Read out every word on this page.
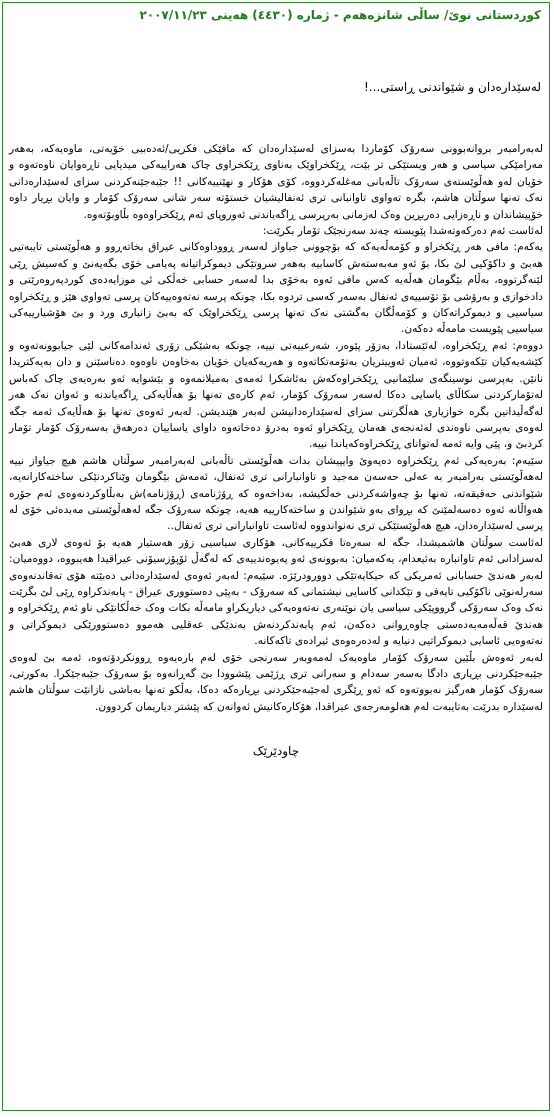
کوردستانی نوێ/ ساڵی شانزەهەم - ژمارە (٤٤٣٠) هەینی ٢٠٠٧/١١/٢٣
لەسێدارەدان و شێواندنی ڕاستی...!

لەبەرامبەر بروانەبوونی سەرۆک کۆماردا بەسزای لەسێدارەدان کە مافێکی فکریی/ئەدەبیی خۆیەتی، ماوەیەکە، بەهەر مەرامێکی سیاسی و هەر ویستێکی تر بێت، ڕێکخراوێک بەناوی ڕێکخراوی چاک هەراییەکی میدیایی ناڕەوایان ناوەتەوە و خۆیان لەو هەڵوێستەی سەرۆک تاڵەبانی مەغلەکردووە، کۆی هۆکار و نهێنییەکانی !! جێبەجێنەکردنی سزای لەسێدارەدانی نەک تەنها سوڵتان هاشم، بگرە تەواوی تاوانبانی تری ئەنفالیشیان خستۆتە سەر شانی سەرۆک کۆمار و وایان بڕیار داوە خۆپیشاندان و ناڕەزایی دەربڕین وەک لەزمانی بەرپرسی ڕاگەیاندنی ئەوروپای ئەم ڕێکخراوەوە بڵاوبۆتەوە.

لەئاست ئەم دەرکەوتەشدا پێویستە چەند سەرنجێک تۆمار بکرێت:

یەکەم: مافی هەر ڕێکخراو و کۆمەڵەیەکە کە بۆچوونی جیاواز لەسەر ڕووداوەکانی عیراق بخاتەڕوو و هەڵوێستی تایبەتیی هەبێ و داکۆکیی لێ بکا، بۆ ئەو مەبەستەش کاسابیە بەهەر سروتێکی دیموکراتیانە پەیامی خۆی بگەیەنێ و کەسیش ڕێی لێنەگرتووە، بەڵام بێگومان هەڵەیە کەس مافی ئەوە بەخۆی بدا لەسەر حسابی خەڵکی ئی موزایەدەی کوردپەروەرێتی و دادخوازی و بەرۆشی بۆ تۆسییەی ئەنفال بەسەر کەسی تردوە بکا، چونکە پرسە نەتەوەییەکان پرسی تەواوی هێز و ڕێکخراوە سیاسیی و دیموکراتەکان و کۆمەڵگان بەگشتی نەک تەنها پرسی ڕێکخراوێک کە بەبێ زانیاری ورد و بێ هۆشیارییەکی سیاسیی پێویست مامەڵە دەکەن.

دووەم: ئەم ڕێکخراوە، لەئێستادا، بەزۆر پێوەر، شەرعییەتی نییە، چونکە بەشێکی زۆری ئەندامەکانی لێی جیابوونەتەوە و کێشەیەکیان تێکەوتووە، ئەمیان ئەوییتریان بەتۆمەتکاتەوە و هەریەکەیان خۆیان بەخاوەن ناوەوە دەناسێنن و دان بەیەکتریدا نانێن. بەپرسی نوسینگەی سلێمانیی ڕێکخراوەکەش بەئاشکرا ئەمەی بەمیلانمەوە و بێشوایە ئەو بەرەیەی چاک کەباس لەتۆمارکردنی سکاڵای یاسایی دەکا لەسەر سەرۆک کۆمار، ئەم کارەی تەنها بۆ هەڵایەکی ڕاگەیاندنە و ئەوان نەک هەر لەگەڵیدانین بگرە خوازیاری هەڵگرتنی سزای لەسێدارەدانیشن لەبەر هێندیشن. لەبەر ئەوەی تەنها بۆ هەڵایەک ئەمە جگە لەوەی بەپرسی ناوەندی لەئەنجەی هەمان ڕێکخراو ئەوە بەدرۆ دەخاتەوە داوای یاساییان دەرهەق بەسەرۆک کۆمار تۆمار کردبێ و، پێی وایە ئەمە لەتوانای ڕێکخراوەکەیاندا نییە.

سێیەم: بەرەیەکی ئەم ڕێکخراوە دەیەوێ وایپیشان بدات هەڵوێستی تاڵەبانی لەبەرامبەر سوڵتان هاشم هیچ جیاواز نییە لەهەڵوێستی بەرامبەر بە عەلی حەسەن مەجید و تاوانبارانی تری ئەنفال، ئەمەش بێگومان وێناکردنێکی ساختەکارانەیە، شێواندنی حەقیقەتە، تەنها بۆ چەواشەکردنی خەڵکیشە، بەداخەوە کە ڕۆژنامەی (ڕۆژنامە)ش بەبڵاوکردنەوەی ئەم جۆرە هەواڵانە ئەوە دەسەلمێنێ کە بڕوای بەو شێواندن و ساختەکارییە هەیە، چونکە سەرۆک جگە لەهەڵوێستی مەبدەئی خۆی لە پرسی لەسێدارەدان، هیچ هەڵوێستێکی تری نەنواندووە لەئاست تاوانبارانی تری ئەنفال..

لەئاست سوڵتان هاشمیشدا، جگە لە سەرەتا فکرییەکانی، هۆکاری سیاسیی زۆر هەستیار هەیە بۆ ئەوەی لاری هەبێ لەسزادانی ئەم تاوانبارە بەئیعدام، یەکەمیان: بەبوونەی ئەو پەیوەندییەی کە لەگەڵ ئۆپۆزسیۆنی عیراقیدا هەیبووە، دووەمیان: لەبەر هەندێ حسابانی ئەمریکی کە حیکایەتێکی دوورودرێژە. سێیەم: لەبەر ئەوەی لەسێدارەدانی دەبێتە هۆی تەقاندنەوەی سەرلەنوێی ناکۆکیی تایەفی و تێکدانی کاسایی نیشتمانی کە سەرۆک - بەپێی دەستووری عیراق - پابەندکراوە ڕێی لێ بگرێت نەک وەک سەرۆکی گرووپێکی سیاسی یان نوێنەری نەتەوەیەکی دیاریکراو مامەڵە بکات وەک خەڵکانێکی ناو ئەم ڕێکخراوە و هەندێ قەڵەمەبەدەستی چاوەڕوانی دەکەن، ئەم پابەندکردنەش بەندێکی عەقلیی هەموو دەستوورێکی دیموکراتی و نەتەوەیی ئاسایی دیموکراتیی دنیایە و لەدەرەوەی ئیرادەی تاکەکانە.

لەبەر ئەوەش بڵێین سەرۆک کۆمار ماوەیەک لەمەوبەر سەرنجی خۆی لەم بارەیەوە ڕوونکردۆتەوە، ئەمە بێ لەوەی جێبەجێکردنی بڕیاری دادگا بەسەر سەدام و سەرانی تری ڕژێمی پێشوودا بێ گەڕانەوە بۆ سەرۆک جێبەجێکرا. بەکورتی، سەرۆک کۆمار هەرگیز نەبووتەوە کە ئەو ڕێگری لەجێبەجێکردنی بڕیارەکە دەکا، بەڵکو تەنها بەباشی نازانێت سوڵتان هاشم لەسێدارە بدرێت بەتایبەت لەم هەلومەرجەی عیراقدا، هۆکارەکانیش ئەوانەن کە پێشتر دیاریمان کردوون.

چاودێرێک
